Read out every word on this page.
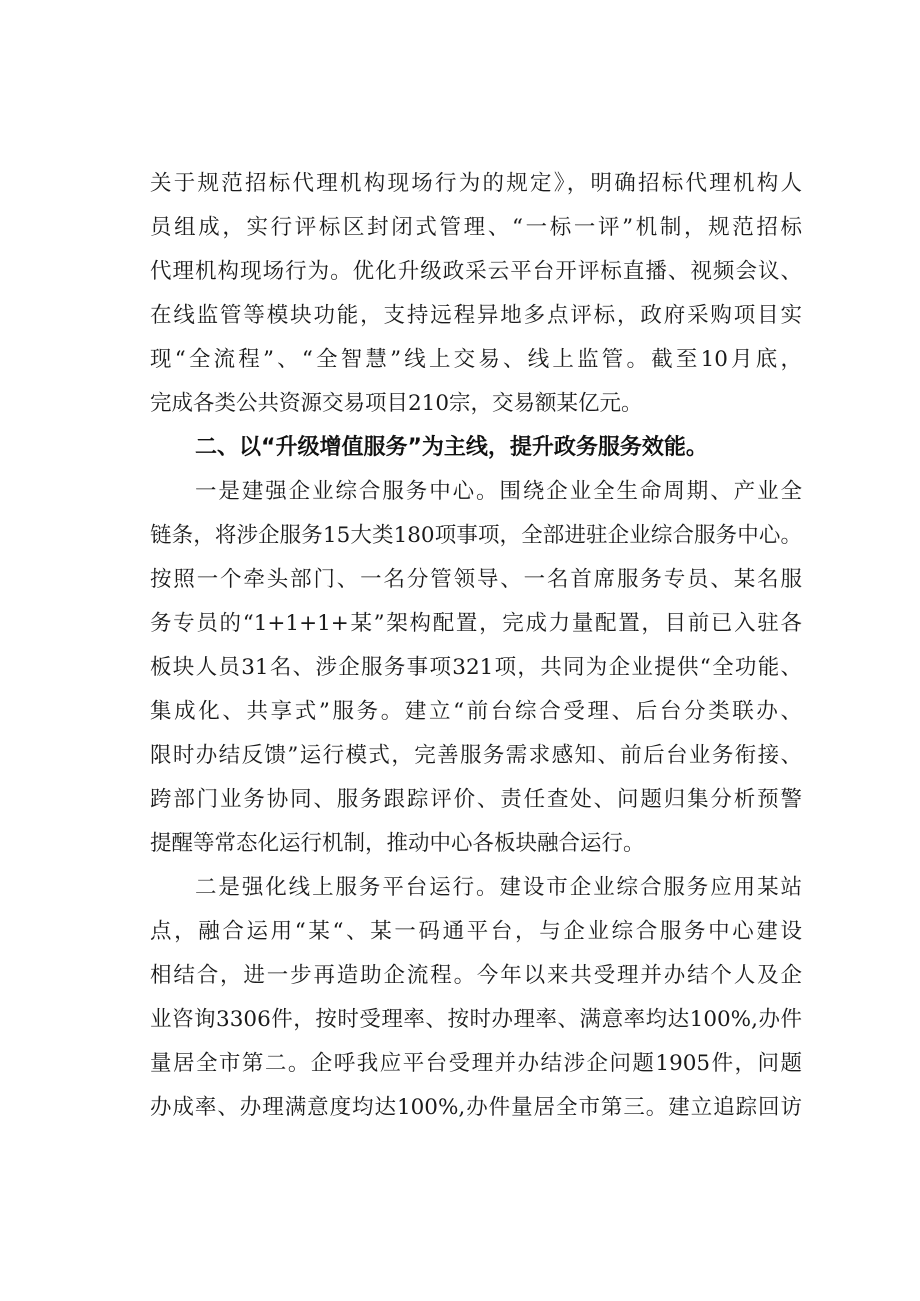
关于规范招标代理机构现场行为的规定》，明确招标代理机构人
员组成，实行评标区封闭式管理、“一标一评”机制，规范招标
代理机构现场行为。优化升级政采云平台开评标直播、视频会议、
在线监管等模块功能，支持远程异地多点评标，政府采购项目实
现“全流程”、“全智慧”线上交易、线上监管。截至10月底，
完成各类公共资源交易项目210宗，交易额某亿元。
二、以“升级增值服务”为主线，提升政务服务效能。
一是建强企业综合服务中心。围绕企业全生命周期、产业全
链条，将涉企服务15大类180项事项，全部进驻企业综合服务中心。
按照一个牵头部门、一名分管领导、一名首席服务专员、某名服
务专员的“1+1+1+某”架构配置，完成力量配置，目前已入驻各
板块人员31名、涉企服务事项321项，共同为企业提供“全功能、
集成化、共享式”服务。建立“前台综合受理、后台分类联办、
限时办结反馈”运行模式，完善服务需求感知、前后台业务衔接、
跨部门业务协同、服务跟踪评价、责任查处、问题归集分析预警
提醒等常态化运行机制，推动中心各板块融合运行。
二是强化线上服务平台运行。建设市企业综合服务应用某站
点，融合运用“某“、某一码通平台，与企业综合服务中心建设
相结合，进一步再造助企流程。今年以来共受理并办结个人及企
业咨询3306件，按时受理率、按时办理率、满意率均达100%,办件
量居全市第二。企呼我应平台受理并办结涉企问题1905件，问题
办成率、办理满意度均达100%,办件量居全市第三。建立追踪回访
